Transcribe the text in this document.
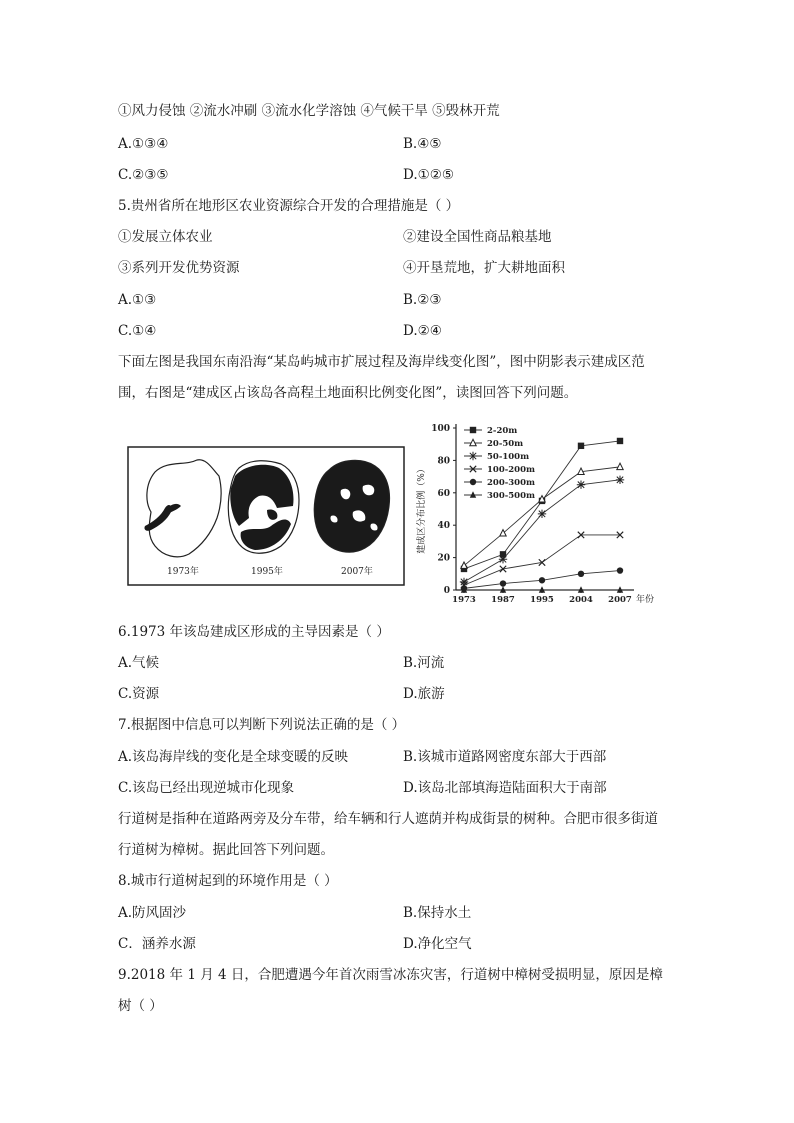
①风力侵蚀 ②流水冲刷 ③流水化学溶蚀 ④气候干旱 ⑤毁林开荒
A.①③④	B.④⑤
C.②③⑤	D.①②⑤
5.贵州省所在地形区农业资源综合开发的合理措施是（ ）
①发展立体农业	②建设全国性商品粮基地
③系列开发优势资源	④开垦荒地，扩大耕地面积
A.①③	B.②③
C.①④	D.②④
下面左图是我国东南沿海“某岛屿城市扩展过程及海岸线变化图”，图中阴影表示建成区范
围，右图是“建成区占该岛各高程土地面积比例变化图”，读图回答下列问题。
1973年	1995年	2007年
0
20
40
60
80
100
1973 1987 1995 2004 2007
2-20m
20-50m
50-100m
100-200m
200-300m
300-500m
建成区分布比例（%）
年份
6.1973 年该岛建成区形成的主导因素是（ ）
A.气候	B.河流
C.资源	D.旅游
7.根据图中信息可以判断下列说法正确的是（ ）
A.该岛海岸线的变化是全球变暖的反映	B.该城市道路网密度东部大于西部
C.该岛已经出现逆城市化现象	D.该岛北部填海造陆面积大于南部
行道树是指种在道路两旁及分车带，给车辆和行人遮荫并构成街景的树种。合肥市很多街道
行道树为樟树。据此回答下列问题。
8.城市行道树起到的环境作用是（ ）
A.防风固沙	B.保持水土
C．涵养水源	D.净化空气
9.2018 年 1 月 4 日，合肥遭遇今年首次雨雪冰冻灾害，行道树中樟树受损明显，原因是樟
树（ ）
